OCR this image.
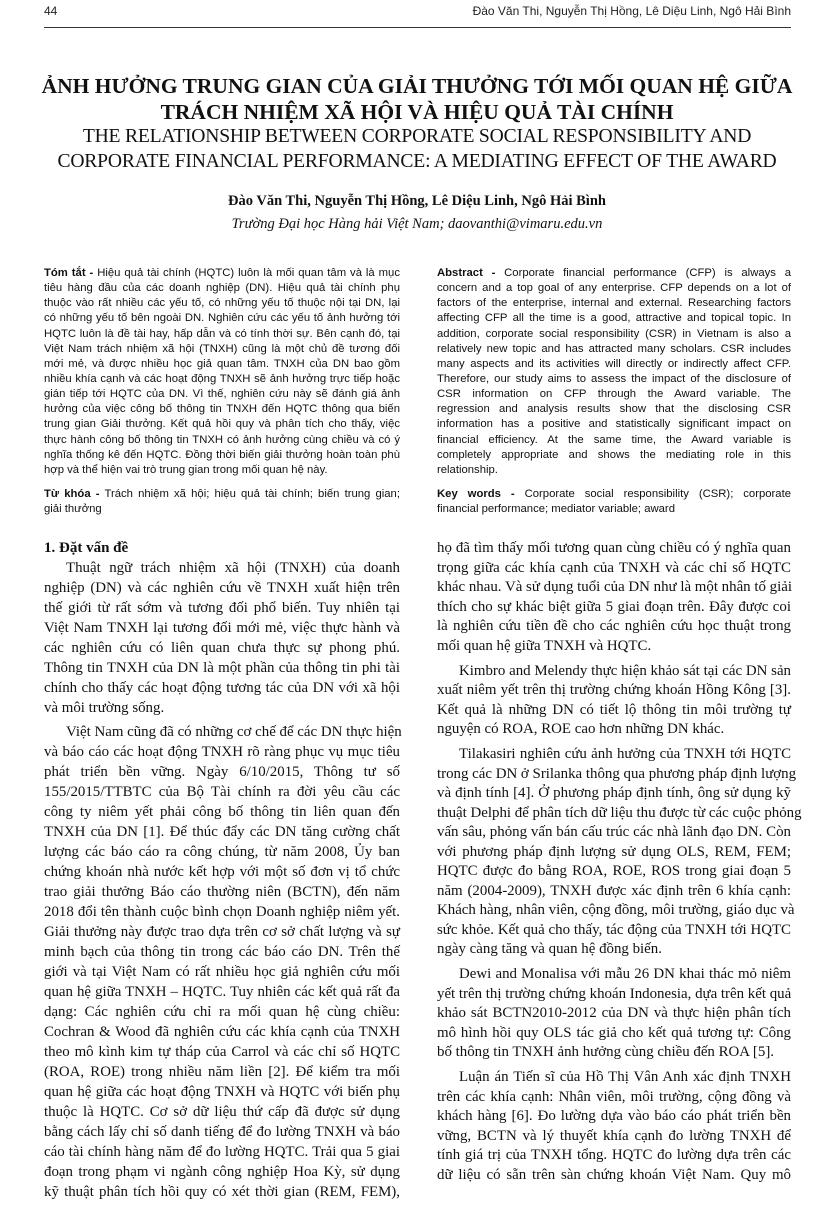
44	Đào Văn Thi, Nguyễn Thị Hồng, Lê Diệu Linh, Ngô Hải Bình
ẢNH HƯỞNG TRUNG GIAN CỦA GIẢI THƯỞNG TỚI MỐI QUAN HỆ GIỮA
TRÁCH NHIỆM XÃ HỘI VÀ HIỆU QUẢ TÀI CHÍNH
THE RELATIONSHIP BETWEEN CORPORATE SOCIAL RESPONSIBILITY AND
CORPORATE FINANCIAL PERFORMANCE: A MEDIATING EFFECT OF THE AWARD
Đào Văn Thi, Nguyễn Thị Hồng, Lê Diệu Linh, Ngô Hải Bình
Trường Đại học Hàng hải Việt Nam; daovanthi@vimaru.edu.vn
Tóm tắt - Hiệu quả tài chính (HQTC) luôn là mối quan tâm và là mục
tiêu hàng đầu của các doanh nghiệp (DN). Hiệu quả tài chính phụ
thuộc vào rất nhiều các yếu tố, có những yếu tố thuộc nội tại DN, lại
có những yếu tố bên ngoài DN. Nghiên cứu các yếu tố ảnh hưởng tới
HQTC luôn là đề tài hay, hấp dẫn và có tính thời sự. Bên cạnh đó, tại
Việt Nam trách nhiệm xã hội (TNXH) cũng là một chủ đề tương đối
mới mẻ, và được nhiều học giả quan tâm. TNXH của DN bao gồm
nhiều khía cạnh và các hoạt động TNXH sẽ ảnh hưởng trực tiếp hoặc
gián tiếp tới HQTC của DN. Vì thế, nghiên cứu này sẽ đánh giá ảnh
hưởng của việc công bố thông tin TNXH đến HQTC thông qua biến
trung gian Giải thưởng. Kết quả hồi quy và phân tích cho thấy, việc
thực hành công bố thông tin TNXH có ảnh hưởng cùng chiều và có ý
nghĩa thống kê đến HQTC. Đồng thời biến giải thưởng hoàn toàn phù
hợp và thể hiện vai trò trung gian trong mối quan hệ này.
Từ khóa - Trách nhiệm xã hội; hiệu quả tài chính; biến trung gian;
giải thưởng
Abstract - Corporate financial performance (CFP) is always a
concern and a top goal of any enterprise. CFP depends on a lot of
factors of the enterprise, internal and external. Researching factors
affecting CFP all the time is a good, attractive and topical topic. In
addition, corporate social responsibility (CSR) in Vietnam is also a
relatively new topic and has attracted many scholars. CSR includes
many aspects and its activities will directly or indirectly affect CFP.
Therefore, our study aims to assess the impact of the disclosure of
CSR information on CFP through the Award variable. The
regression and analysis results show that the disclosing CSR
information has a positive and statistically significant impact on
financial efficiency. At the same time, the Award variable is
completely appropriate and shows the mediating role in this
relationship.
Key words - Corporate social responsibility (CSR); corporate
financial performance; mediator variable; award
1. Đặt vấn đề
Thuật ngữ trách nhiệm xã hội (TNXH) của doanh
nghiệp (DN) và các nghiên cứu về TNXH xuất hiện trên
thế giới từ rất sớm và tương đối phổ biến. Tuy nhiên tại
Việt Nam TNXH lại tương đối mới mẻ, việc thực hành và
các nghiên cứu có liên quan chưa thực sự phong phú.
Thông tin TNXH của DN là một phần của thông tin phi tài
chính cho thấy các hoạt động tương tác của DN với xã hội
và môi trường sống.
Việt Nam cũng đã có những cơ chế để các DN thực hiện
và báo cáo các hoạt động TNXH rõ ràng phục vụ mục tiêu
phát triển bền vững. Ngày 6/10/2015, Thông tư số
155/2015/TTBTC của Bộ Tài chính ra đời yêu cầu các
công ty niêm yết phải công bố thông tin liên quan đến
TNXH của DN [1]. Để thúc đẩy các DN tăng cường chất
lượng các báo cáo ra công chúng, từ năm 2008, Ủy ban
chứng khoán nhà nước kết hợp với một số đơn vị tổ chức
trao giải thưởng Báo cáo thường niên (BCTN), đến năm
2018 đổi tên thành cuộc bình chọn Doanh nghiệp niêm yết.
Giải thưởng này được trao dựa trên cơ sở chất lượng và sự
minh bạch của thông tin trong các báo cáo DN. Trên thế
giới và tại Việt Nam có rất nhiều học giả nghiên cứu mối
quan hệ giữa TNXH – HQTC. Tuy nhiên các kết quả rất đa
dạng: Các nghiên cứu chỉ ra mối quan hệ cùng chiều:
Cochran & Wood đã nghiên cứu các khía cạnh của TNXH
theo mô kình kim tự tháp của Carrol và các chỉ số HQTC
(ROA, ROE) trong nhiều năm liền [2]. Để kiểm tra mối
quan hệ giữa các hoạt động TNXH và HQTC với biến phụ
thuộc là HQTC. Cơ sở dữ liệu thứ cấp đã được sử dụng
bằng cách lấy chỉ số danh tiếng để đo lường TNXH và báo
cáo tài chính hàng năm để đo lường HQTC. Trải qua 5 giai
đoạn trong phạm vi ngành công nghiệp Hoa Kỳ, sử dụng
kỹ thuật phân tích hồi quy có xét thời gian (REM, FEM),
họ đã tìm thấy mối tương quan cùng chiều có ý nghĩa quan
trọng giữa các khía cạnh của TNXH và các chỉ số HQTC
khác nhau. Và sử dụng tuổi của DN như là một nhân tố giải
thích cho sự khác biệt giữa 5 giai đoạn trên. Đây được coi
là nghiên cứu tiền đề cho các nghiên cứu học thuật trong
mối quan hệ giữa TNXH và HQTC.
Kimbro and Melendy thực hiện khảo sát tại các DN sản
xuất niêm yết trên thị trường chứng khoán Hồng Kông [3].
Kết quả là những DN có tiết lộ thông tin môi trường tự
nguyện có ROA, ROE cao hơn những DN khác.
Tilakasiri nghiên cứu ảnh hưởng của TNXH tới HQTC
trong các DN ở Srilanka thông qua phương pháp định lượng
và định tính [4]. Ở phương pháp định tính, ông sử dụng kỹ
thuật Delphi để phân tích dữ liệu thu được từ các cuộc phỏng
vấn sâu, phỏng vấn bán cấu trúc các nhà lãnh đạo DN. Còn
với phương pháp định lượng sử dụng OLS, REM, FEM;
HQTC được đo bằng ROA, ROE, ROS trong giai đoạn 5
năm (2004-2009), TNXH được xác định trên 6 khía cạnh:
Khách hàng, nhân viên, cộng đồng, môi trường, giáo dục và
sức khỏe. Kết quả cho thấy, tác động của TNXH tới HQTC
ngày càng tăng và quan hệ đồng biến.
Dewi and Monalisa với mẫu 26 DN khai thác mỏ niêm
yết trên thị trường chứng khoán Indonesia, dựa trên kết quả
khảo sát BCTN2010-2012 của DN và thực hiện phân tích
mô hình hồi quy OLS tác giả cho kết quả tương tự: Công
bố thông tin TNXH ảnh hưởng cùng chiều đến ROA [5].
Luận án Tiến sĩ của Hồ Thị Vân Anh xác định TNXH
trên các khía cạnh: Nhân viên, môi trường, cộng đồng và
khách hàng [6]. Đo lường dựa vào báo cáo phát triển bền
vững, BCTN và lý thuyết khía cạnh đo lường TNXH để
tính giá trị của TNXH tổng. HQTC đo lường dựa trên các
dữ liệu có sẵn trên sàn chứng khoán Việt Nam. Quy mô
